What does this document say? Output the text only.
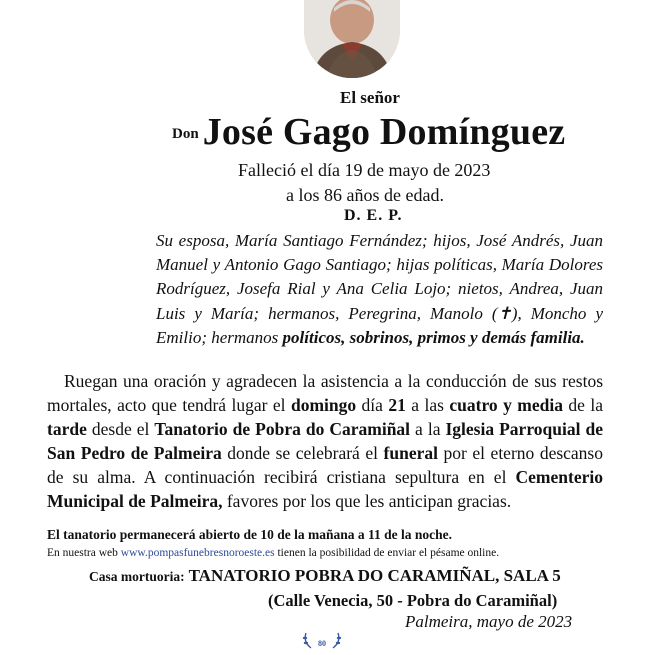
El señor
Don José Gago Domínguez
Falleció el día 19 de mayo de 2023
a los 86 años de edad.
D. E. P.
Su esposa, María Santiago Fernández; hijos, José Andrés, Juan Manuel y Antonio Gago Santiago; hijas políticas, María Dolores Rodríguez, Josefa Rial y Ana Celia Lojo; nietos, Andrea, Juan Luis y María; hermanos, Peregrina, Manolo (✝), Moncho y Emilio; hermanos políticos, sobrinos, primos y demás familia.
Ruegan una oración y agradecen la asistencia a la conducción de sus restos mortales, acto que tendrá lugar el domingo día 21 a las cuatro y media de la tarde desde el Tanatorio de Pobra do Caramiñal a la Iglesia Parroquial de San Pedro de Palmeira donde se celebrará el funeral por el eterno descanso de su alma. A continuación recibirá cristiana sepultura en el Cementerio Municipal de Palmeira, favores por los que les anticipan gracias.
El tanatorio permanecerá abierto de 10 de la mañana a 11 de la noche.
En nuestra web www.pompasfunebresnoroeste.es tienen la posibilidad de enviar el pésame online.
Casa mortuoria: TANATORIO POBRA DO CARAMIÑAL, SALA 5
(Calle Venecia, 50 - Pobra do Caramiñal)
Palmeira, mayo de 2023
80
